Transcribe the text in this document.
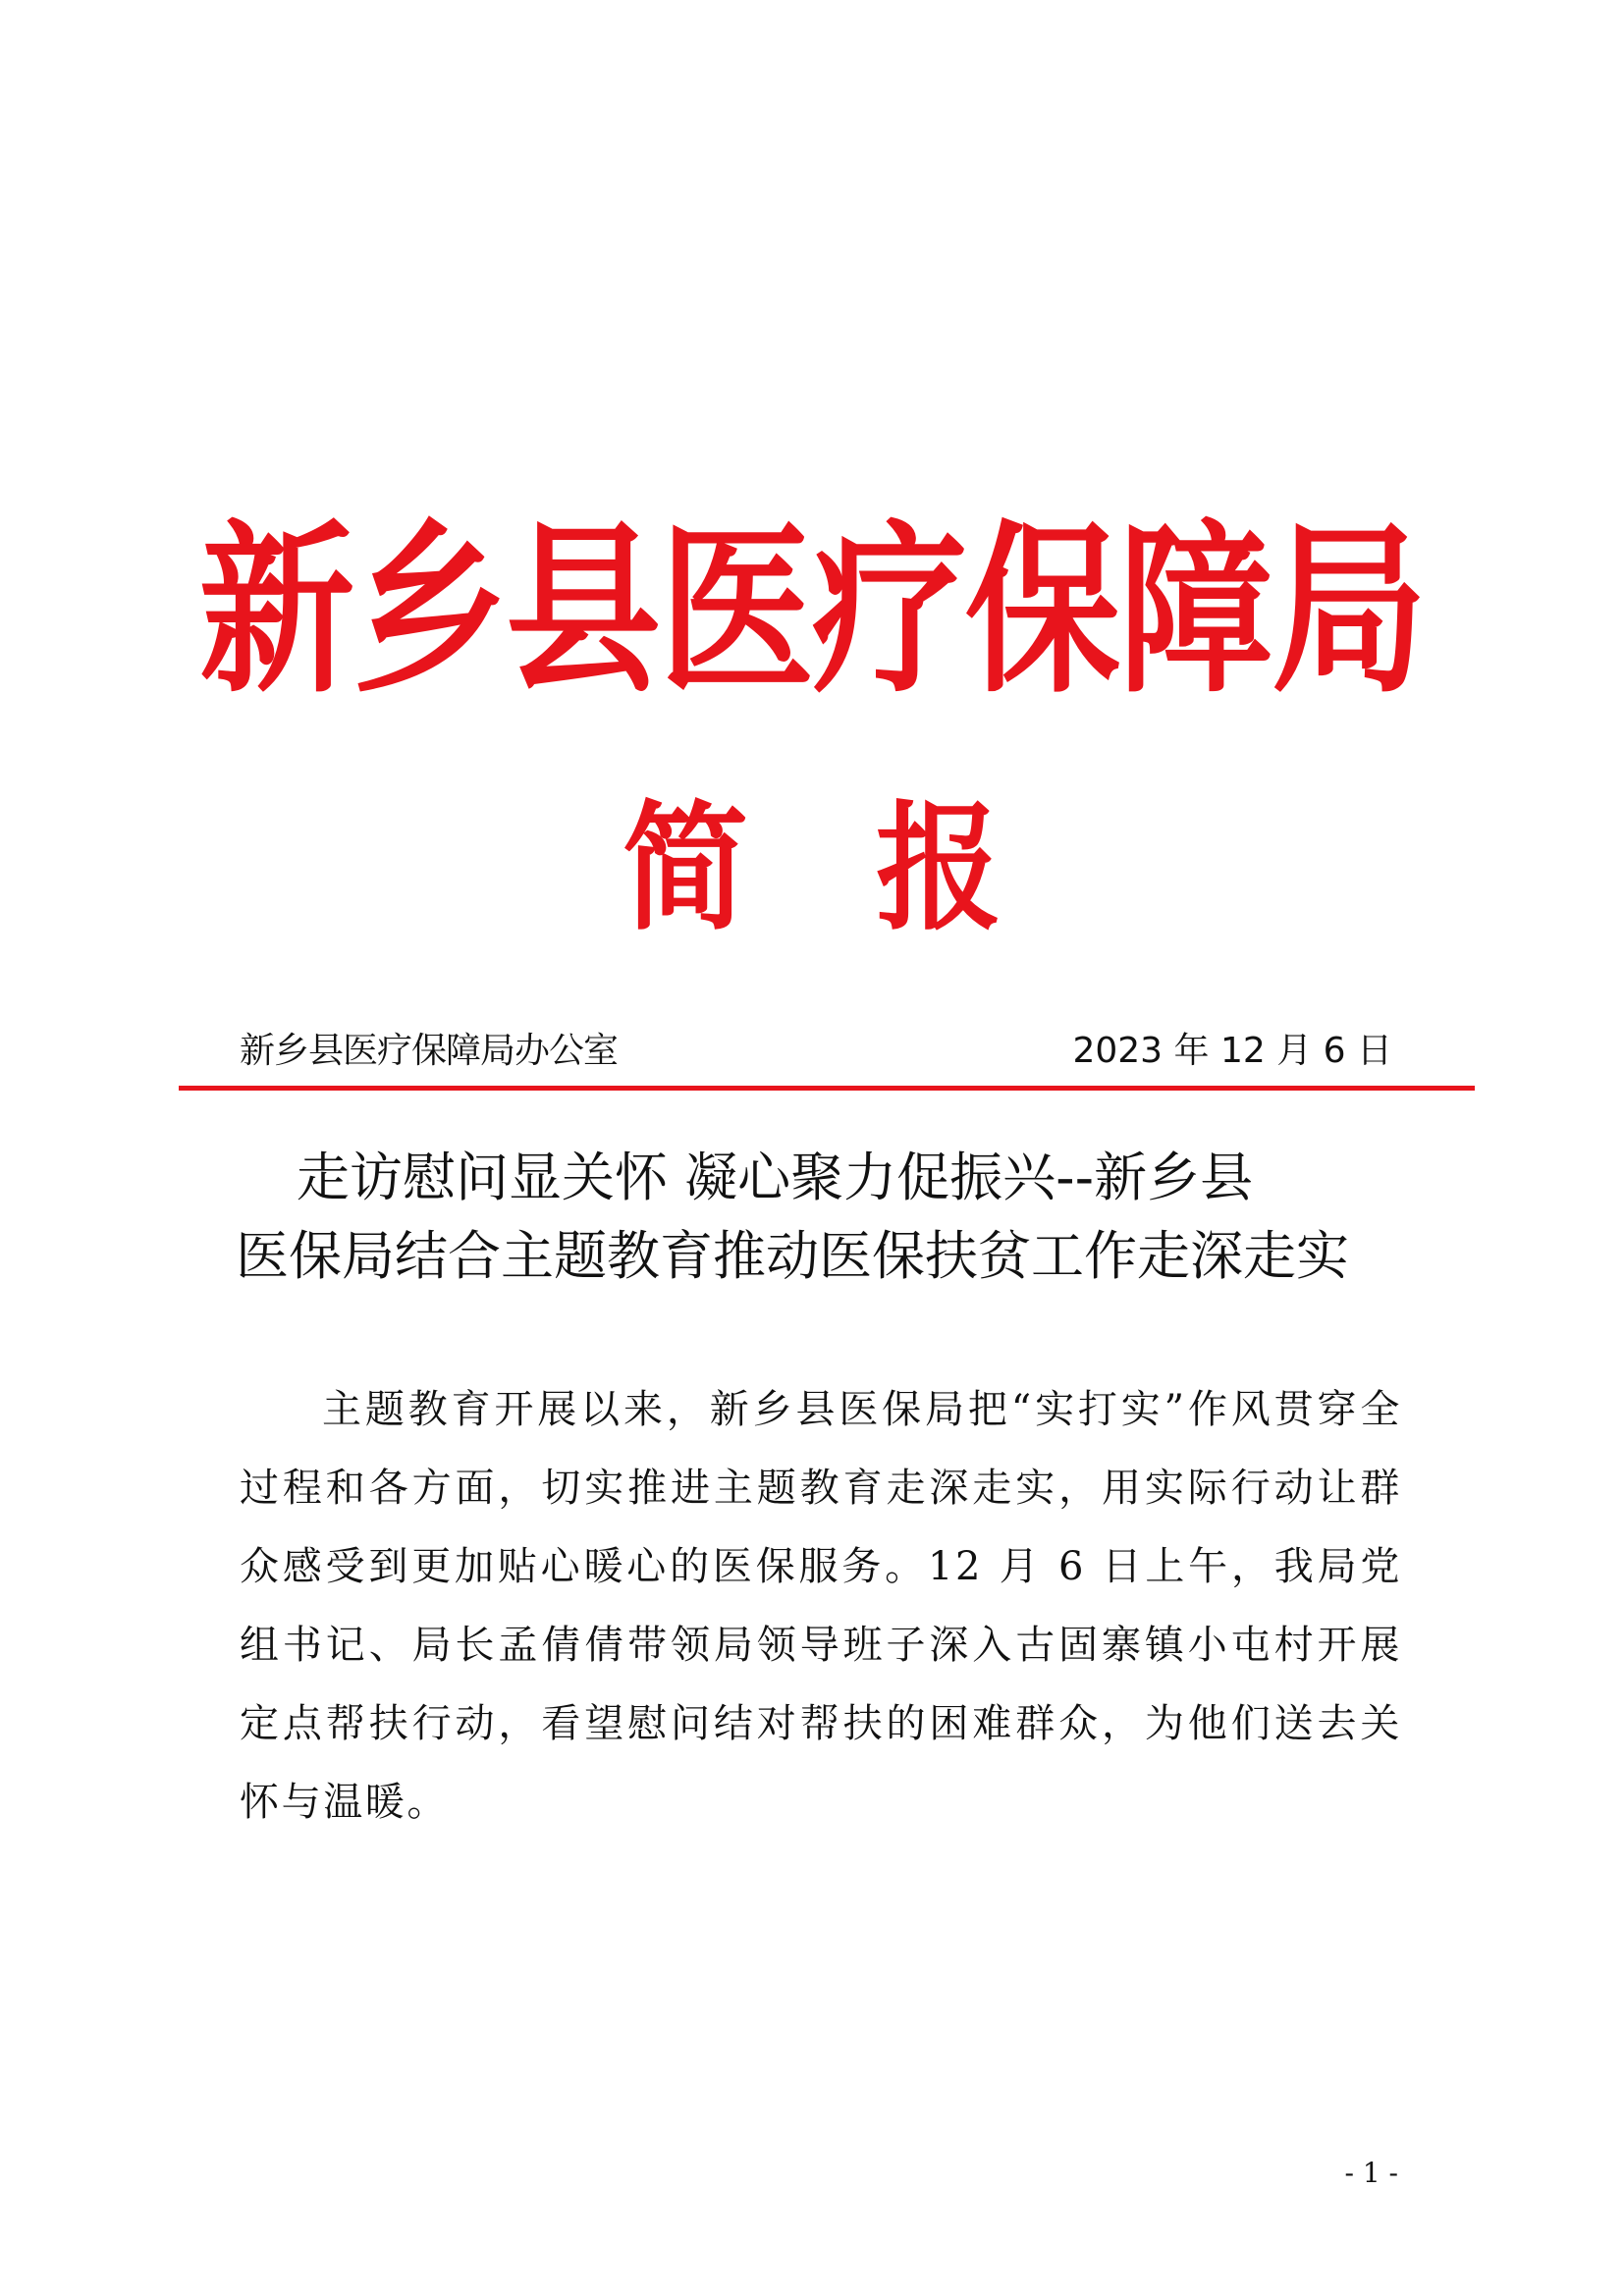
新乡县医疗保障局
简 报
新乡县医疗保障局办公室	2023 年 12 月 6 日
走访慰问显关怀 凝心聚力促振兴--新乡县
医保局结合主题教育推动医保扶贫工作走深走实

主题教育开展以来，新乡县医保局把“实打实”作风贯穿全过程和各方面，切实推进主题教育走深走实，用实际行动让群众感受到更加贴心暖心的医保服务。12 月 6 日上午，我局党组书记、局长孟倩倩带领局领导班子深入古固寨镇小屯村开展定点帮扶行动，看望慰问结对帮扶的困难群众，为他们送去关怀与温暖。

- 1 -
